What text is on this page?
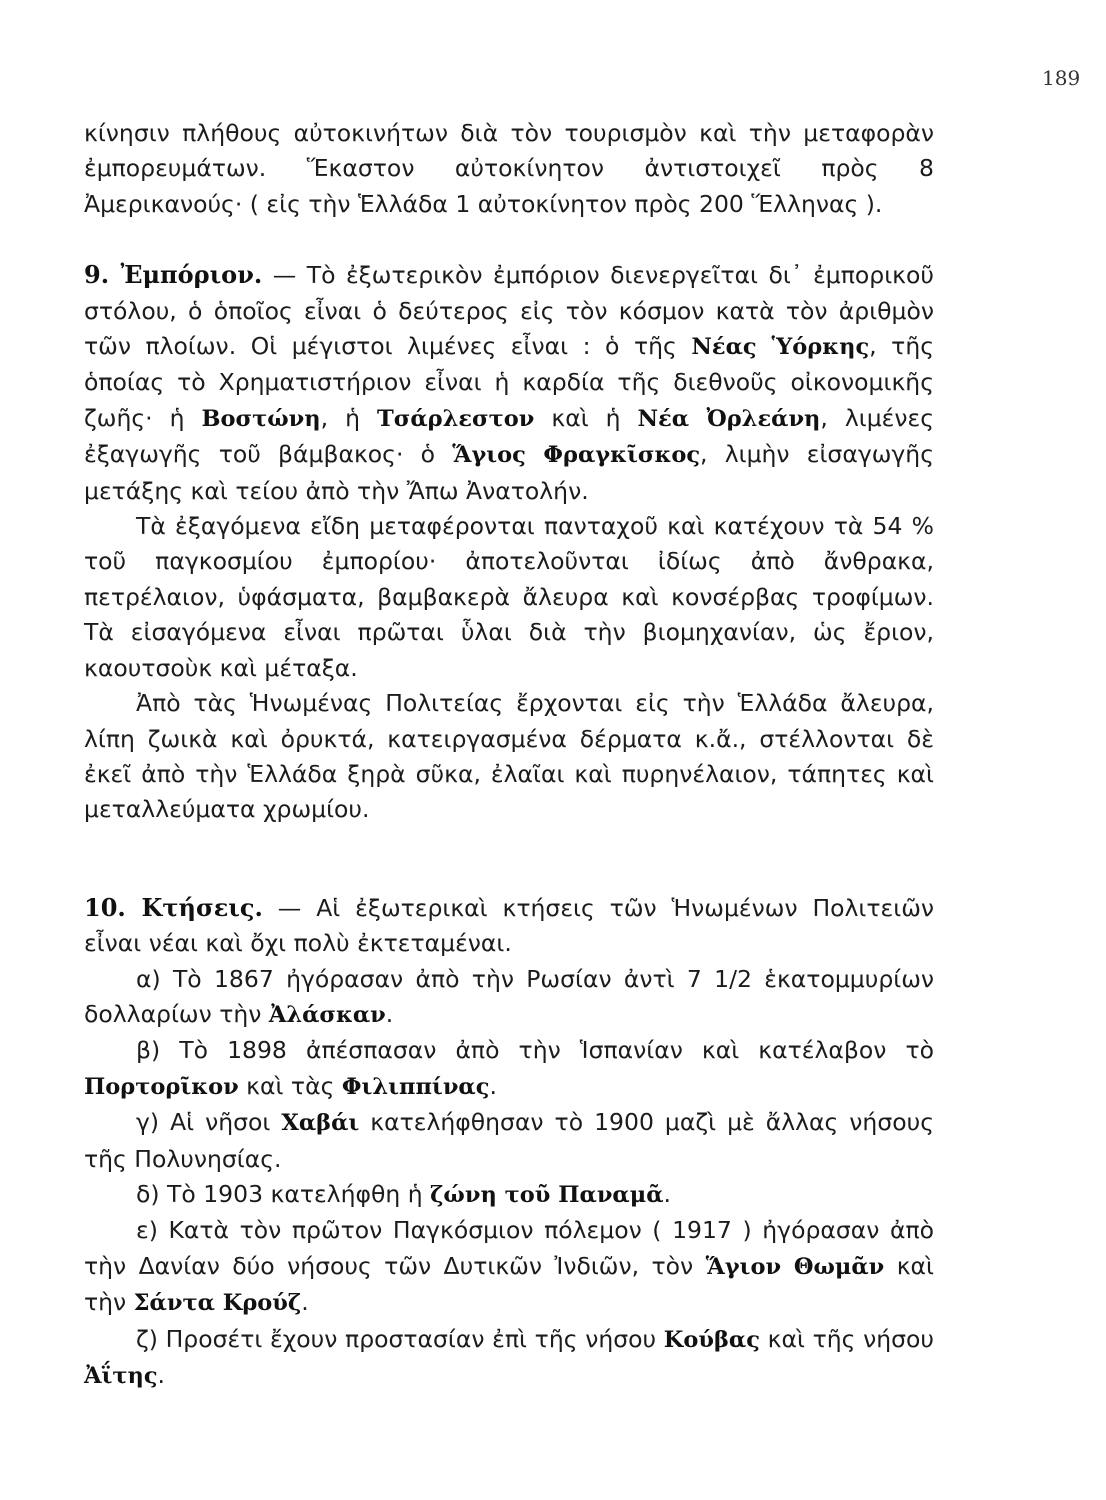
189

κίνησιν πλήθους αὐτοκινήτων διὰ τὸν τουρισμὸν καὶ τὴν μεταφορὰν ἐμπορευμάτων. Ἕκαστον αὐτοκίνητον ἀντιστοιχεῖ πρὸς 8 Ἀμερικανούς· ( εἰς τὴν Ἑλλάδα 1 αὐτοκίνητον πρὸς 200 Ἕλληνας ).

9. Ἐμπόριον. — Τὸ ἐξωτερικὸν ἐμπόριον διενεργεῖται δι᾽ ἐμπορικοῦ στόλου, ὁ ὁποῖος εἶναι ὁ δεύτερος εἰς τὸν κόσμον κατὰ τὸν ἀριθμὸν τῶν πλοίων. Οἱ μέγιστοι λιμένες εἶναι : ὁ τῆς Νέας Ὑόρκης, τῆς ὁποίας τὸ Χρηματιστήριον εἶναι ἡ καρδία τῆς διεθνοῦς οἰκονομικῆς ζωῆς· ἡ Βοστώνη, ἡ Τσάρλεστον καὶ ἡ Νέα Ὀρλεάνη, λιμένες ἐξαγωγῆς τοῦ βάμβακος· ὁ Ἅγιος Φραγκῖσκος, λιμὴν εἰσαγωγῆς μετάξης καὶ τείου ἀπὸ τὴν Ἄπω Ἀνατολήν.

Τὰ ἐξαγόμενα εἴδη μεταφέρονται πανταχοῦ καὶ κατέχουν τὰ 54 % τοῦ παγκοσμίου ἐμπορίου· ἀποτελοῦνται ἰδίως ἀπὸ ἄνθρακα, πετρέλαιον, ὑφάσματα, βαμβακερὰ ἄλευρα καὶ κονσέρβας τροφίμων. Τὰ εἰσαγόμενα εἶναι πρῶται ὗλαι διὰ τὴν βιομηχανίαν, ὡς ἔριον, καουτσοὺκ καὶ μέταξα.

Ἀπὸ τὰς Ἡνωμένας Πολιτείας ἔρχονται εἰς τὴν Ἑλλάδα ἄλευρα, λίπη ζωικὰ καὶ ὀρυκτά, κατειργασμένα δέρματα κ.ἄ., στέλλονται δὲ ἐκεῖ ἀπὸ τὴν Ἑλλάδα ξηρὰ σῦκα, ἐλαῖαι καὶ πυρηνέλαιον, τάπητες καὶ μεταλλεύματα χρωμίου.

10. Κτήσεις. — Αἱ ἐξωτερικαὶ κτήσεις τῶν Ἡνωμένων Πολιτειῶν εἶναι νέαι καὶ ὄχι πολὺ ἐκτεταμέναι.

α) Τὸ 1867 ἠγόρασαν ἀπὸ τὴν Ρωσίαν ἀντὶ 7 1/2 ἑκατομμυρίων δολλαρίων τὴν Ἀλάσκαν.

β) Τὸ 1898 ἀπέσπασαν ἀπὸ τὴν Ἱσπανίαν καὶ κατέλαβον τὸ Πορτορῖκον καὶ τὰς Φιλιππίνας.

γ) Αἱ νῆσοι Χαβάι κατελήφθησαν τὸ 1900 μαζὶ μὲ ἄλλας νήσους τῆς Πολυνησίας.

δ) Τὸ 1903 κατελήφθη ἡ ζώνη τοῦ Παναμᾶ.

ε) Κατὰ τὸν πρῶτον Παγκόσμιον πόλεμον ( 1917 ) ἠγόρασαν ἀπὸ τὴν Δανίαν δύο νήσους τῶν Δυτικῶν Ἰνδιῶν, τὸν Ἅγιον Θωμᾶν καὶ τὴν Σάντα Κρούζ.

ζ) Προσέτι ἔχουν προστασίαν ἐπὶ τῆς νήσου Κούβας καὶ τῆς νήσου Ἀΐτης.
